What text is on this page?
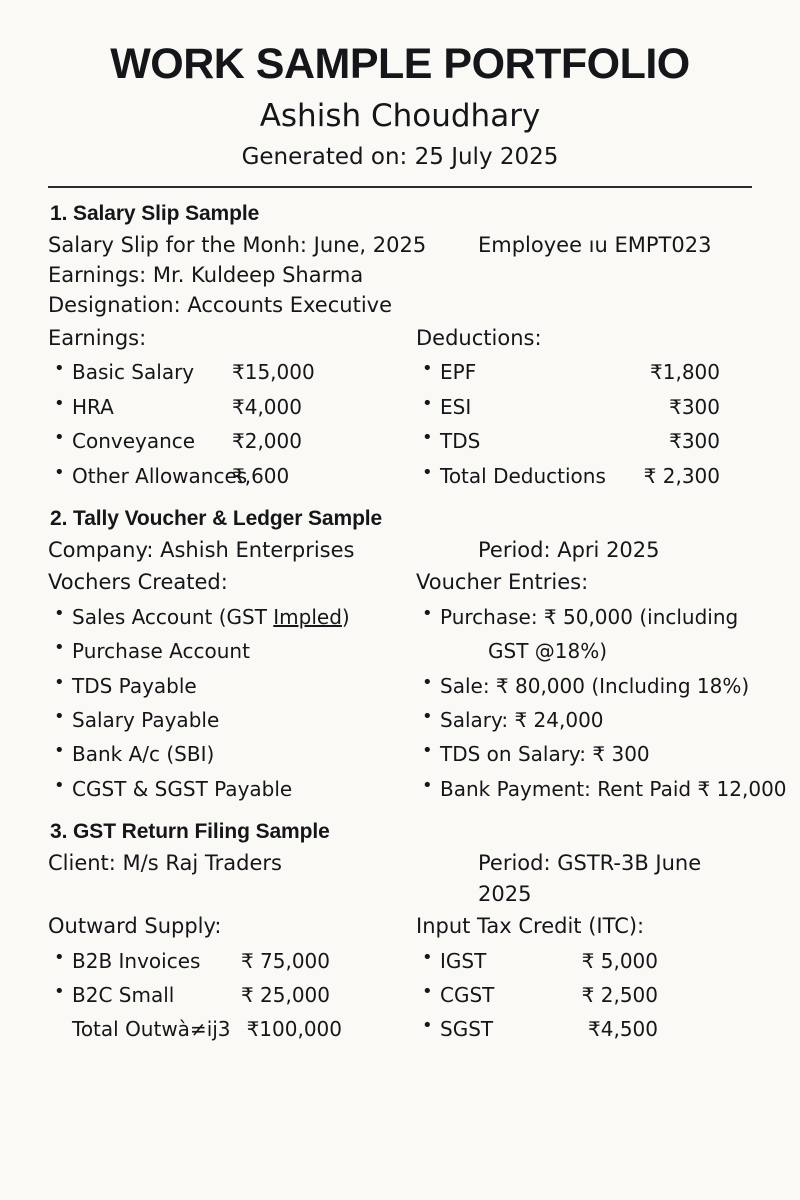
WORK SAMPLE PORTFOLIO
Ashish Choudhary
Generated on: 25 July 2025
1. Salary Slip Sample
Salary Slip for the Monh: June, 2025	Employee ıu EMPT023
Earnings: Mr. Kuldeep Sharma
Designation: Accounts Executive
Earnings:
• Basic Salary ₹15,000
• HRA	₹4,000
• Conveyance ₹2,000
• Other Allowances₹,600
Deductions:
• EPF	₹1,800
• ESI	₹300
• TDS	₹300
• Total Deductions ₹ 2,300
2. Tally Voucher & Ledger Sample
Company: Ashish Enterprises	Period: Apri 2025
Vochers Created:
• Sales Account (GST Impled)
• Purchase Account
• TDS Payable
• Salary Payable
• Bank A/c (SBI)
• CGST & SGST Payable
Voucher Entries:
• Purchase: ₹ 50,000 (including
GST @18%)
• Sale: ₹ 80,000 (Including 18%)
• Salary: ₹ 24,000
• TDS on Salary: ₹ 300
• Bank Payment: Rent Paid ₹ 12,000
3. GST Return Filing Sample
Client: M/s Raj Traders	Period: GSTR-3B June 2025
Outward Supply:
• B2B Invoices ₹ 75,000
• B2C Small	₹ 25,000
Total Outwà≠ĳ3 ₹100,000
Input Tax Credit (ITC):
• IGST	₹ 5,000
• CGST	₹ 2,500
• SGST	₹4,500
